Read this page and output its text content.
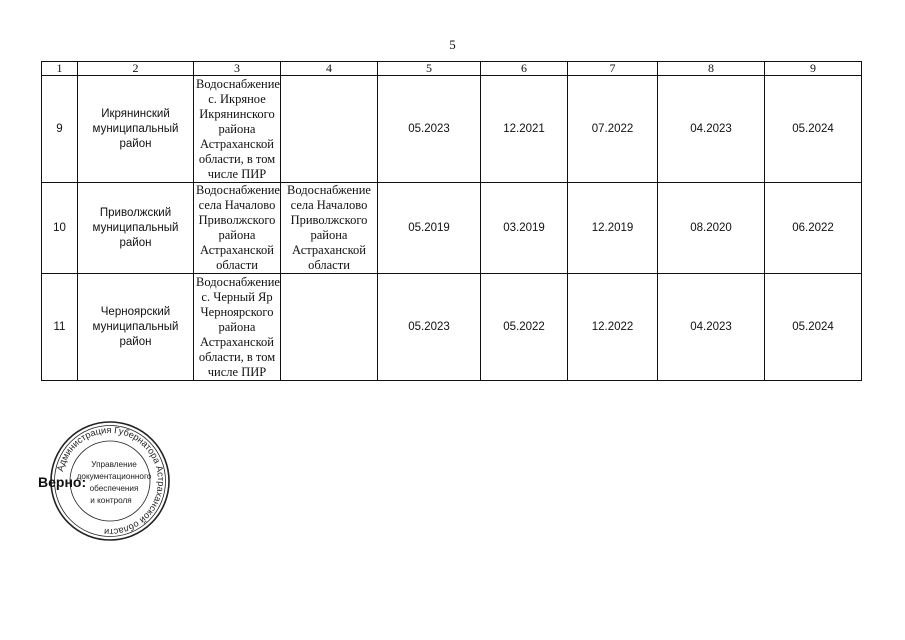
5
1	2	3	4	5	6	7	8	9
9	Икрянинский муниципальный район	Водоснабжение с. Икряное Икрянинского района Астраханской области, в том числе ПИР		05.2023	12.2021	07.2022	04.2023	05.2024
10	Приволжский муниципальный район	Водоснабжение села Началово Приволжского района Астраханской области	Водоснабжение села Началово Приволжского района Астраханской области	05.2019	03.2019	12.2019	08.2020	06.2022
11	Черноярский муниципальный район	Водоснабжение с. Черный Яр Черноярского района Астраханской области, в том числе ПИР		05.2023	05.2022	12.2022	04.2023	05.2024
Администрация Губернатора Астраханской области
Управление
документационного
обеспечения
и контроля
Верно:
